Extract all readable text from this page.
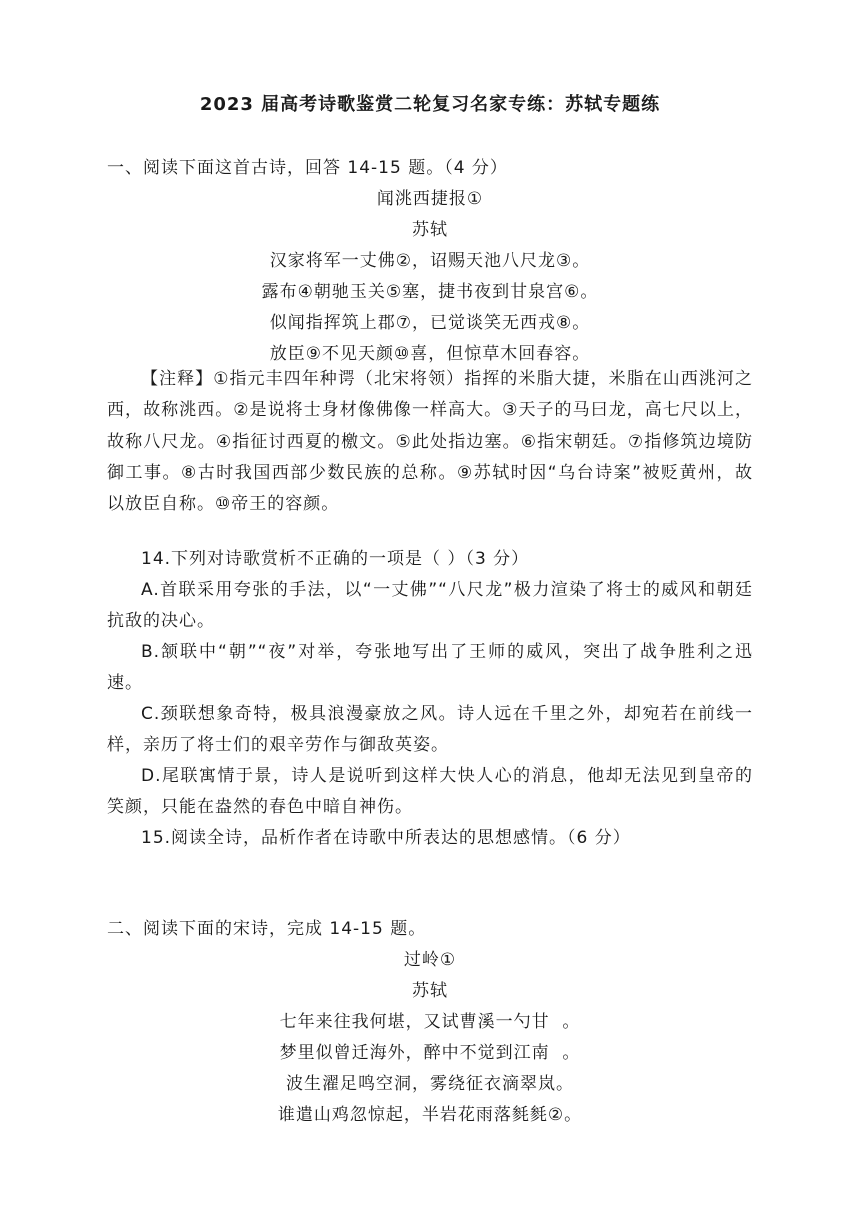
2023 届高考诗歌鉴赏二轮复习名家专练：苏轼专题练
一、阅读下面这首古诗，回答 14-15 题。（4 分）
闻洮西捷报①
苏轼
汉家将军一丈佛②，诏赐天池八尺龙③。
露布④朝驰玉关⑤塞，捷书夜到甘泉宫⑥。
似闻指挥筑上郡⑦，已觉谈笑无西戎⑧。
放臣⑨不见天颜⑩喜，但惊草木回春容。
【注释】①指元丰四年种谔（北宋将领）指挥的米脂大捷，米脂在山西洮河之西，故称洮西。②是说将士身材像佛像一样高大。③天子的马曰龙，高七尺以上，故称八尺龙。④指征讨西夏的檄文。⑤此处指边塞。⑥指宋朝廷。⑦指修筑边境防御工事。⑧古时我国西部少数民族的总称。⑨苏轼时因“乌台诗案”被贬黄州，故以放臣自称。⑩帝王的容颜。
14.下列对诗歌赏析不正确的一项是（ ）（3 分）
A.首联采用夸张的手法，以“一丈佛”“八尺龙”极力渲染了将士的威风和朝廷抗敌的决心。
B.颔联中“朝”“夜”对举，夸张地写出了王师的威风，突出了战争胜利之迅速。
C.颈联想象奇特，极具浪漫豪放之风。诗人远在千里之外，却宛若在前线一样，亲历了将士们的艰辛劳作与御敌英姿。
D.尾联寓情于景，诗人是说听到这样大快人心的消息，他却无法见到皇帝的笑颜，只能在盎然的春色中暗自神伤。
15.阅读全诗，品析作者在诗歌中所表达的思想感情。（6 分）
二、阅读下面的宋诗，完成 14-15 题。
过岭①
苏轼
七年来往我何堪，又试曹溪一勺甘  。
梦里似曾迁海外，醉中不觉到江南  。
波生濯足鸣空洞，雾绕征衣滴翠岚。
谁遣山鸡忽惊起，半岩花雨落毵毵②。
